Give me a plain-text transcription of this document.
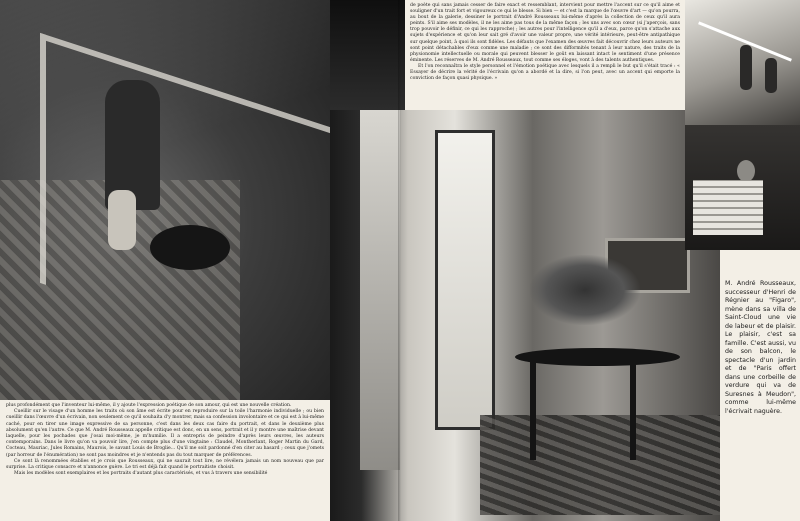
plus profondément que l'inventeur lui-même, il y ajoute l'expression poétique de son amour, qui est une nouvelle création.

Cueillir sur le visage d'un homme les traits où son âme est écrite pour en reproduire sur la toile l'harmonie individuelle ; ou bien cueillir dans l'œuvre d'un écrivain, non seulement ce qu'il souhaita d'y montrer, mais sa confession involontaire et ce qui est à lui-même caché, pour en tirer une image expressive de sa personne, c'est dans les deux cas faire du portrait, et dans le deuxième plus absolument qu'en l'autre. Ce que M. André Rousseaux appelle critique est donc, en un sens, portrait et il y montre une maîtrise devant laquelle, pour les pochades que j'osai moi-même, je m'humilie. Il a entrepris de peindre d'après leurs œuvres, les auteurs contemporains. Dans le livre qu'on va pouvoir lire, j'en compte plus d'une vingtaine : Claudel, Montherlant, Roger Martin du Gard, Cocteau, Mauriac, Jules Romains, Maurois, le savant Louis de Broglie... Qu'il me soit pardonné d'en citer au hasard ; ceux que j'omets (par horreur de l'énumération) ne sont pas moindres et je n'entends pas du tout marquer de préférences.

Ce sont là renommées établies et je crois que Rousseaux, qui ne saurait tout lire, ne révélera jamais un nom nouveau que par surprise. La critique consacre et n'annonce guère. Le tri est déjà fait quand le portraitiste choisit.

Mais les modèles sont exemplaires et les portraits d'autant plus caractérisés, et vus à travers une sensibilité

de poète qui sans jamais cesser de faire exact et ressemblant, intervient pour mettre l'accent sur ce qu'il aime et souligner d'un trait fort et vigoureux ce qui le blesse. Si bien — et c'est la marque de l'œuvre d'art — qu'on pourra, au bout de la galerie, dessiner le portrait d'André Rousseaux lui-même d'après la collection de ceux qu'il aura peints. S'il aime ses modèles, il ne les aime pas tous de la même façon ; les uns avec son cœur (si j'aperçois, sans trop pouvoir le définir, ce qui les rapproche) ; les autres pour l'intelligence qu'il a d'eux, parce qu'on s'attache aux sujets d'expérience et qu'on leur sait gré d'avoir une valeur propre, une vérité intérieure, peut-être antipathique sur quelque point, à quoi ils sont fidèles. Les défauts que l'examen des œuvres fait découvrir chez leurs auteurs ne sont point détachables d'eux comme une maladie ; ce sont des difformités tenant à leur nature, des traits de la physionomie intellectuelle ou morale qui peuvent blesser le goût en laissant intact le sentiment d'une présence éminente. Les réserves de M. André Rousseaux, tout comme ses éloges, vont à des talents authentiques.

Et l'on reconnaîtra le style personnel et l'émotion poétique avec lesquels il a rempli le but qu'il s'était tracé : « Essayer de décrire la vérité de l'écrivain qu'on a abordé et la dire, si l'on peut, avec un accent qui emporte la conviction de façon quasi physique. »

M. André Rousseaux, successeur d'Henri de Régnier au "Figaro", mène dans sa villa de Saint-Cloud une vie de labeur et de plaisir. Le plaisir, c'est sa famille. C'est aussi, vu de son balcon, le spectacle d'un jardin et de "Paris offert dans une corbeille de verdure qui va de Suresnes à Meudon", comme lui-même l'écrivait naguère.
